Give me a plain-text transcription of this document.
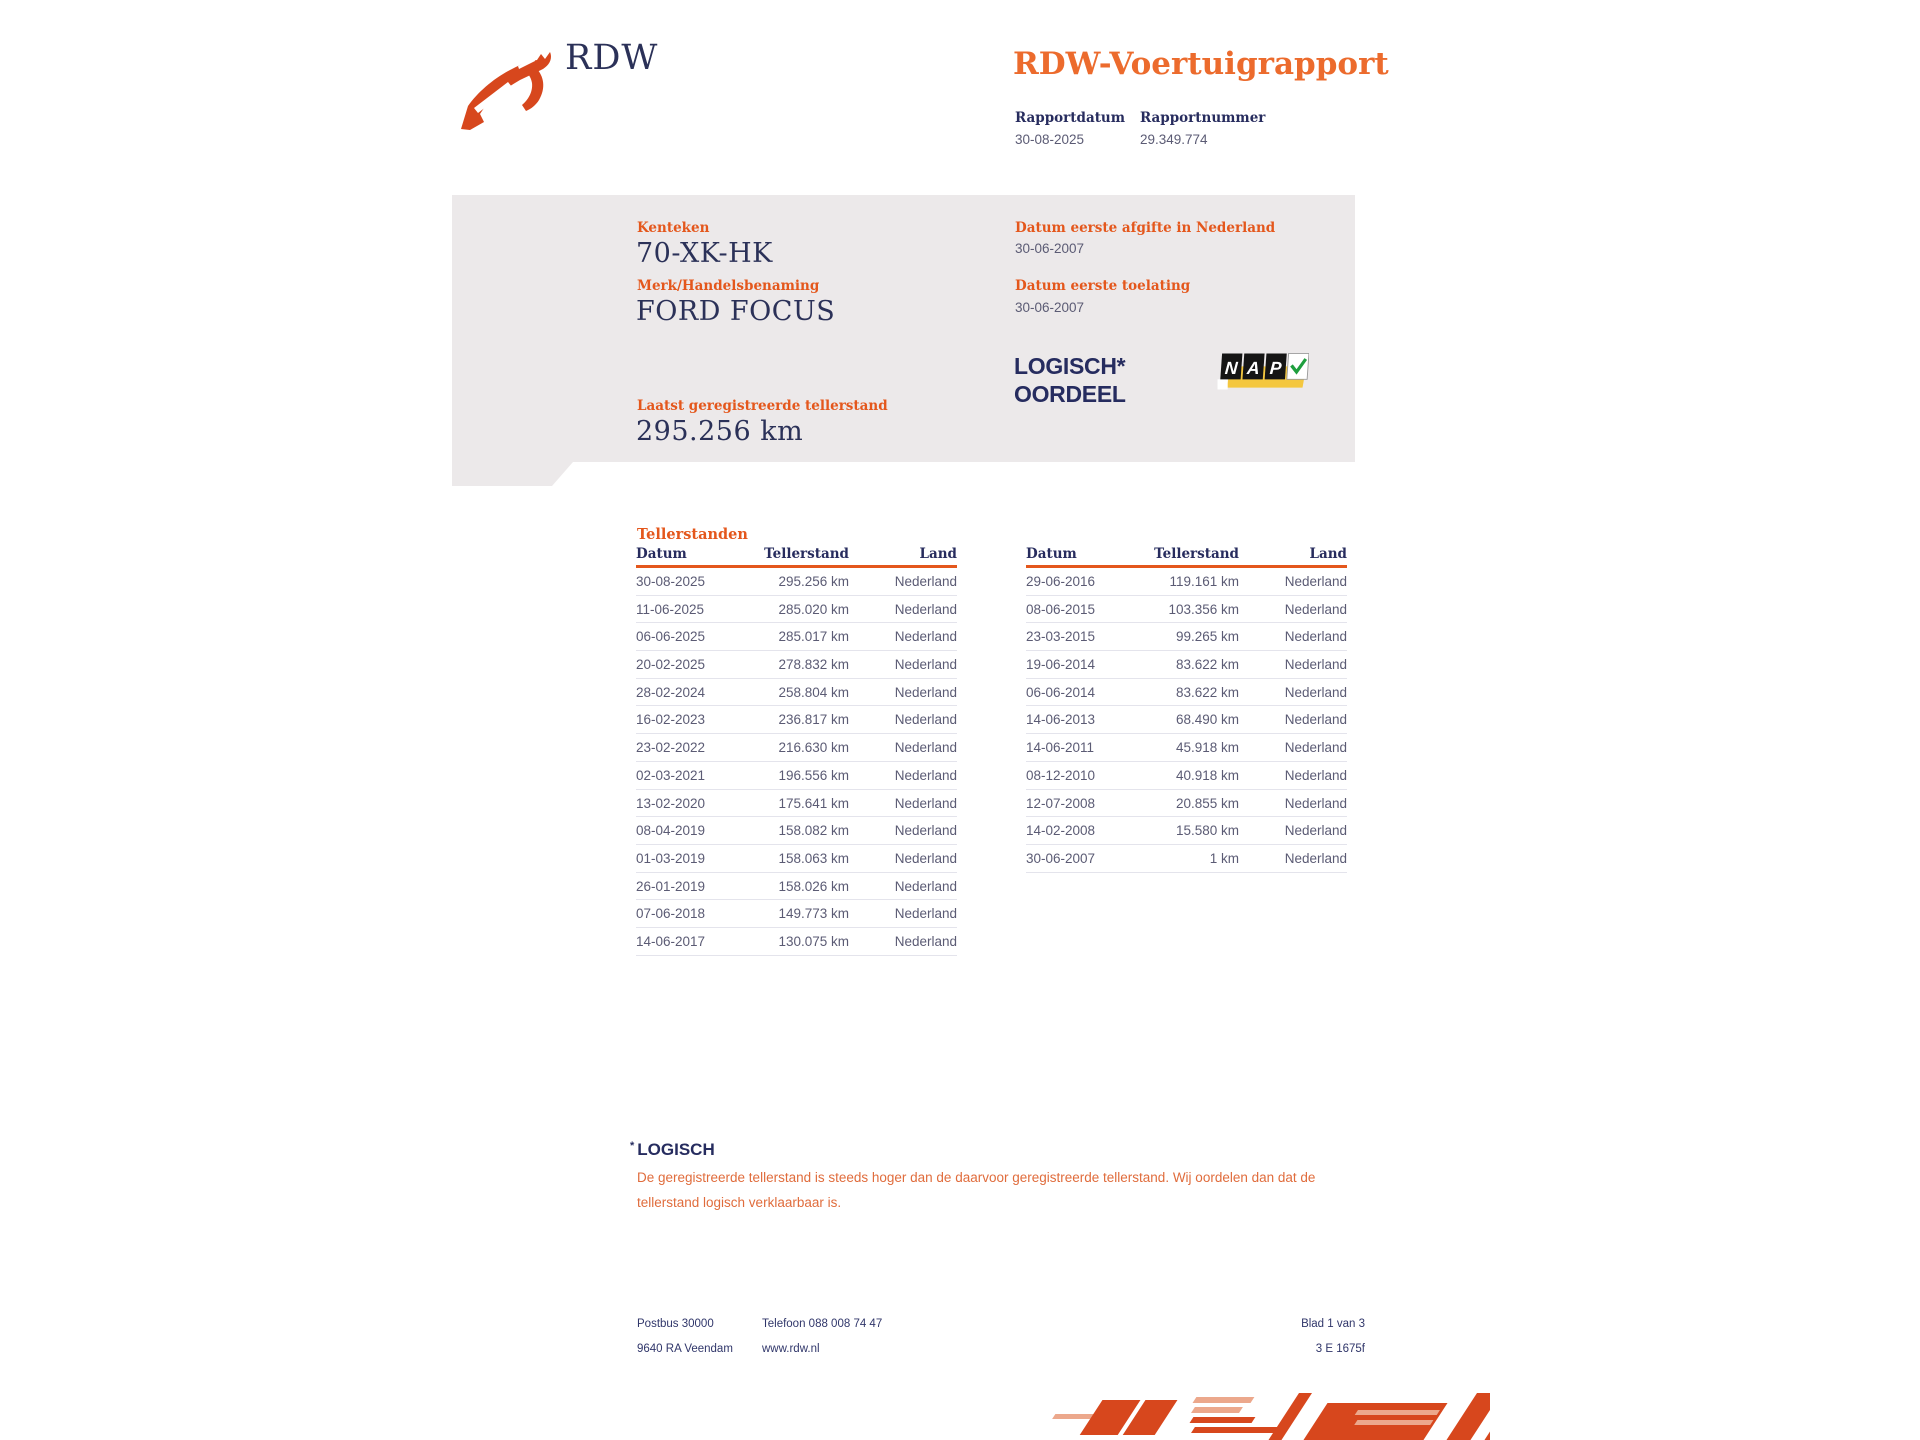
RDW	RDW-Voertuigrapport
Rapportdatum Rapportnummer
30-08-2025	29.349.774
Kenteken
70-XK-HK
Merk/Handelsbenaming
FORD FOCUS
Laatst geregistreerde tellerstand
295.256 km
Datum eerste afgifte in Nederland
30-06-2007
Datum eerste toelating
30-06-2007
LOGISCH*
OORDEEL
N A P
Tellerstanden
Datum	Tellerstand	Land
30-08-2025	295.256 km	Nederland
11-06-2025	285.020 km	Nederland
06-06-2025	285.017 km	Nederland
20-02-2025	278.832 km	Nederland
28-02-2024	258.804 km	Nederland
16-02-2023	236.817 km	Nederland
23-02-2022	216.630 km	Nederland
02-03-2021	196.556 km	Nederland
13-02-2020	175.641 km	Nederland
08-04-2019	158.082 km	Nederland
01-03-2019	158.063 km	Nederland
26-01-2019	158.026 km	Nederland
07-06-2018	149.773 km	Nederland
14-06-2017	130.075 km	Nederland
Datum	Tellerstand	Land
29-06-2016	119.161 km	Nederland
08-06-2015	103.356 km	Nederland
23-03-2015	99.265 km	Nederland
19-06-2014	83.622 km	Nederland
06-06-2014	83.622 km	Nederland
14-06-2013	68.490 km	Nederland
14-06-2011	45.918 km	Nederland
08-12-2010	40.918 km	Nederland
12-07-2008	20.855 km	Nederland
14-02-2008	15.580 km	Nederland
30-06-2007	1 km	Nederland
* LOGISCH
De geregistreerde tellerstand is steeds hoger dan de daarvoor geregistreerde tellerstand. Wij oordelen dan dat de tellerstand logisch verklaarbaar is.
Postbus 30000
9640 RA Veendam
Telefoon 088 008 74 47
www.rdw.nl
Blad 1 van 3
3 E 1675f
